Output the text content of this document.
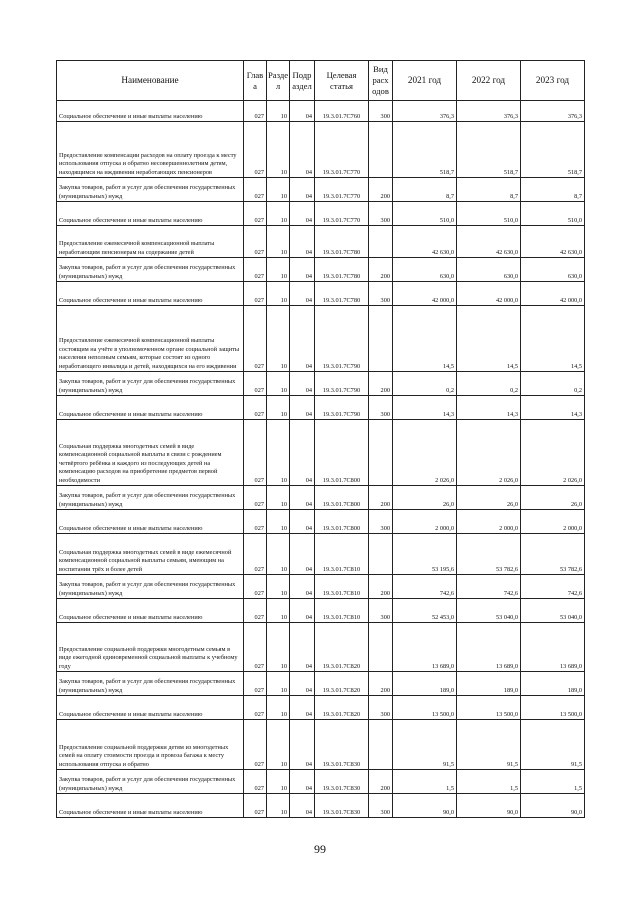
Наименование	Глав а	Разде л	Подр аздел	Целевая статья	Вид расх одов	2021 год	2022 год	2023 год
Социальное обеспечение и иные выплаты населению	027	10	04	19.3.01.7С760	300	376,3	376,3	376,3
Предоставление компенсации расходов на оплату проезда к месту использования отпуска и обратно несовершеннолетним детям, находящимся на иждивении неработающих пенсионеров	027	10	04	19.3.01.7С770		518,7	518,7	518,7
Закупка товаров, работ и услуг для обеспечения государственных (муниципальных) нужд	027	10	04	19.3.01.7С770	200	8,7	8,7	8,7
Социальное обеспечение и иные выплаты населению	027	10	04	19.3.01.7С770	300	510,0	510,0	510,0
Предоставление ежемесячной компенсационной выплаты неработающим пенсионерам на содержание детей	027	10	04	19.3.01.7С780		42 630,0	42 630,0	42 630,0
Закупка товаров, работ и услуг для обеспечения государственных (муниципальных) нужд	027	10	04	19.3.01.7С780	200	630,0	630,0	630,0
Социальное обеспечение и иные выплаты населению	027	10	04	19.3.01.7С780	300	42 000,0	42 000,0	42 000,0
Предоставление ежемесячной компенсационной выплаты состоящим на учёте в уполномоченном органе социальной защиты населения неполным семьям, которые состоят из одного неработающего инвалида и детей, находящихся на его иждивении	027	10	04	19.3.01.7С790		14,5	14,5	14,5
Закупка товаров, работ и услуг для обеспечения государственных (муниципальных) нужд	027	10	04	19.3.01.7С790	200	0,2	0,2	0,2
Социальное обеспечение и иные выплаты населению	027	10	04	19.3.01.7С790	300	14,3	14,3	14,3
Социальная поддержка многодетных семей в виде компенсационной социальной выплаты в связи с рождением четвёртого ребёнка и каждого из последующих детей на компенсацию расходов на приобретение предметов первой необходимости	027	10	04	19.3.01.7С800		2 026,0	2 026,0	2 026,0
Закупка товаров, работ и услуг для обеспечения государственных (муниципальных) нужд	027	10	04	19.3.01.7С800	200	26,0	26,0	26,0
Социальное обеспечение и иные выплаты населению	027	10	04	19.3.01.7С800	300	2 000,0	2 000,0	2 000,0
Социальная поддержка многодетных семей в виде ежемесячной компенсационной социальной выплаты семьям, имеющим на воспитании трёх и более детей	027	10	04	19.3.01.7С810		53 195,6	53 782,6	53 782,6
Закупка товаров, работ и услуг для обеспечения государственных (муниципальных) нужд	027	10	04	19.3.01.7С810	200	742,6	742,6	742,6
Социальное обеспечение и иные выплаты населению	027	10	04	19.3.01.7С810	300	52 453,0	53 040,0	53 040,0
Предоставление социальной поддержки многодетным семьям в виде ежегодной единовременной социальной выплаты к учебному году	027	10	04	19.3.01.7С820		13 689,0	13 689,0	13 689,0
Закупка товаров, работ и услуг для обеспечения государственных (муниципальных) нужд	027	10	04	19.3.01.7С820	200	189,0	189,0	189,0
Социальное обеспечение и иные выплаты населению	027	10	04	19.3.01.7С820	300	13 500,0	13 500,0	13 500,0
Предоставление социальной поддержки детям из многодетных семей на оплату стоимости проезда и провоза багажа к месту использования отпуска и обратно	027	10	04	19.3.01.7С830		91,5	91,5	91,5
Закупка товаров, работ и услуг для обеспечения государственных (муниципальных) нужд	027	10	04	19.3.01.7С830	200	1,5	1,5	1,5
Социальное обеспечение и иные выплаты населению	027	10	04	19.3.01.7С830	300	90,0	90,0	90,0
99
